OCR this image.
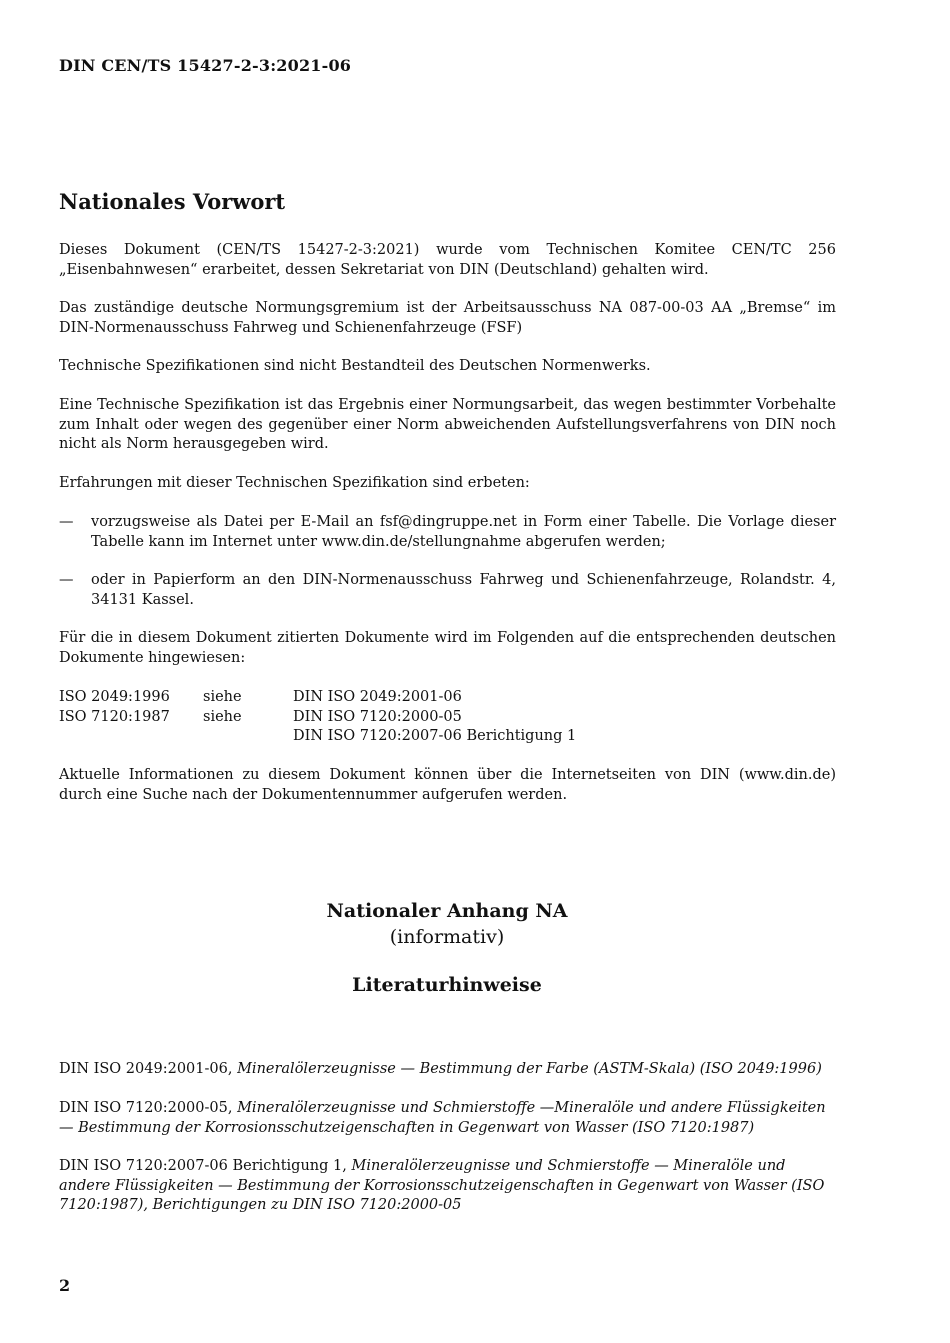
DIN CEN/TS 15427-2-3:2021-06
Nationales Vorwort
Dieses Dokument (CEN/TS 15427-2-3:2021) wurde vom Technischen Komitee CEN/TC 256 „Eisenbahnwesen“ erarbeitet, dessen Sekretariat von DIN (Deutschland) gehalten wird.
Das zuständige deutsche Normungsgremium ist der Arbeitsausschuss NA 087-00-03 AA „Bremse“ im DIN-Normenausschuss Fahrweg und Schienenfahrzeuge (FSF)
Technische Spezifikationen sind nicht Bestandteil des Deutschen Normenwerks.
Eine Technische Spezifikation ist das Ergebnis einer Normungsarbeit, das wegen bestimmter Vorbehalte zum Inhalt oder wegen des gegenüber einer Norm abweichenden Aufstellungsverfahrens von DIN noch nicht als Norm herausgegeben wird.
Erfahrungen mit dieser Technischen Spezifikation sind erbeten:
— vorzugsweise als Datei per E-Mail an fsf@dingruppe.net in Form einer Tabelle. Die Vorlage dieser Tabelle kann im Internet unter www.din.de/stellungnahme abgerufen werden;
— oder in Papierform an den DIN-Normenausschuss Fahrweg und Schienenfahrzeuge, Rolandstr. 4, 34131 Kassel.
Für die in diesem Dokument zitierten Dokumente wird im Folgenden auf die entsprechenden deutschen Dokumente hingewiesen:
ISO 2049:1996	siehe	DIN ISO 2049:2001-06
ISO 7120:1987	siehe	DIN ISO 7120:2000-05
		DIN ISO 7120:2007-06 Berichtigung 1
Aktuelle Informationen zu diesem Dokument können über die Internetseiten von DIN (www.din.de) durch eine Suche nach der Dokumentennummer aufgerufen werden.
Nationaler Anhang NA
(informativ)
Literaturhinweise
DIN ISO 2049:2001-06, Mineralölerzeugnisse — Bestimmung der Farbe (ASTM-Skala) (ISO 2049:1996)
DIN ISO 7120:2000-05, Mineralölerzeugnisse und Schmierstoffe —Mineralöle und andere Flüssigkeiten — Bestimmung der Korrosionsschutzeigenschaften in Gegenwart von Wasser (ISO 7120:1987)
DIN ISO 7120:2007-06 Berichtigung 1, Mineralölerzeugnisse und Schmierstoffe — Mineralöle und andere Flüssigkeiten — Bestimmung der Korrosionsschutzeigenschaften in Gegenwart von Wasser (ISO 7120:1987), Berichtigungen zu DIN ISO 7120:2000-05
2
